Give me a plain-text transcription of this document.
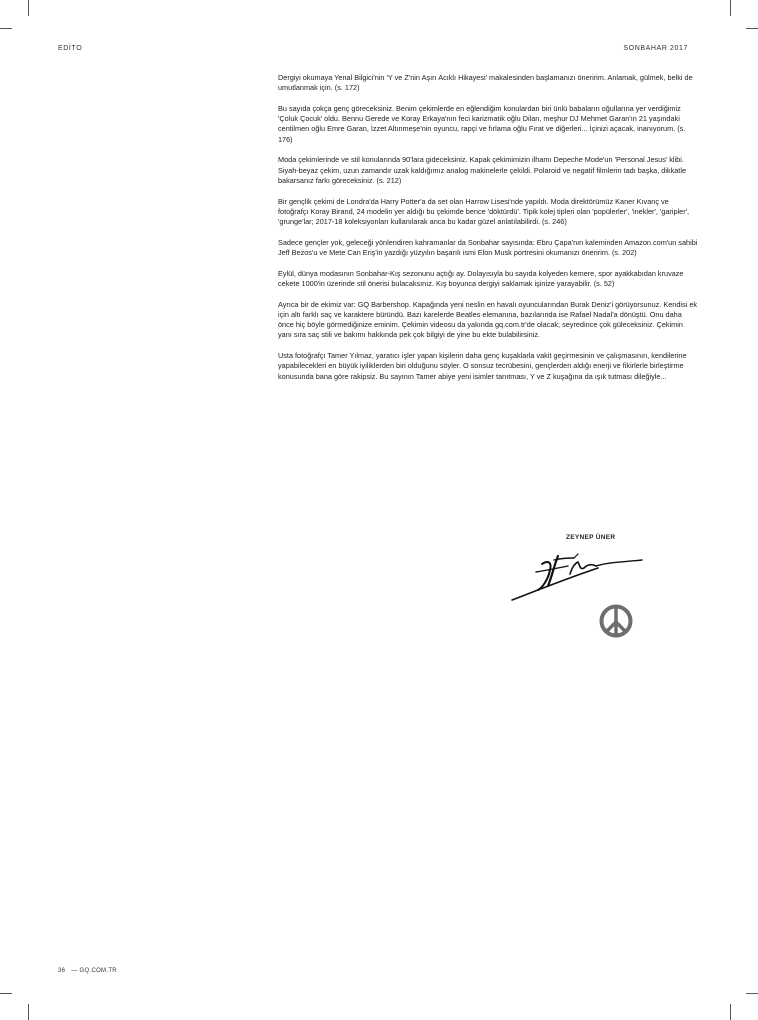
EDİTO	SONBAHAR 2017

Dergiyi okumaya Yenal Bilgici'nin 'Y ve Z'nin Aşırı Acıklı Hikayesi' makalesinden başlamanızı öneririm. Anlamak, gülmek, belki de umutlanmak için. (s. 172)

Bu sayıda çokça genç göreceksiniz. Benim çekimlerde en eğlendiğim konulardan biri ünlü babaların oğullarına yer verdiğimiz 'Çoluk Çocuk' oldu. Bennu Gerede ve Koray Erkaya'nın feci karizmatik oğlu Dilan, meşhur DJ Mehmet Garan'ın 21 yaşındaki centilmen oğlu Emre Garan, İzzet Altınmeşe'nin oyuncu, rapçi ve fırlama oğlu Fırat ve diğerleri... İçinizi açacak, inanıyorum. (s. 176)

Moda çekimlerinde ve stil konularında 90'lara gideceksiniz. Kapak çekimimizin ilhamı Depeche Mode'un 'Personal Jesus' klibi. Siyah-beyaz çekim, uzun zamandır uzak kaldığımız analog makinelerle çekildi. Polaroid ve negatif filmlerin tadı başka, dikkatle bakarsanız farkı göreceksiniz. (s. 212)

Bir gençlik çekimi de Londra'da Harry Potter'a da set olan Harrow Lisesi'nde yapıldı. Moda direktörümüz Kaner Kıvanç ve fotoğrafçı Koray Birand, 24 modelin yer aldığı bu çekimde bence 'döktürdü'. Tipik kolej tipleri olan 'popülerler', 'inekler', 'garipler', 'grunge'lar; 2017-18 koleksiyonları kullanılarak anca bu kadar güzel anlatılabilirdi. (s. 246)

Sadece gençler yok, geleceği yönlendiren kahramanlar da Sonbahar sayısında: Ebru Çapa'nın kaleminden Amazon.com'un sahibi Jeff Bezos'u ve Mete Can Eriş'in yazdığı yüzyılın başarılı ismi Elon Musk portresini okumanızı öneririm. (s. 202)

Eylül, dünya modasının Sonbahar-Kış sezonunu açtığı ay. Dolayısıyla bu sayıda kolyeden kemere, spor ayakkabıdan kruvaze cekete 1000'in üzerinde stil önerisi bulacaksınız. Kış boyunca dergiyi saklamak işinize yarayabilir. (s. 52)

Ayrıca bir de ekimiz var: GQ Barbershop. Kapağında yeni neslin en havalı oyuncularından Burak Deniz'i görüyorsunuz. Kendisi ek için altı farklı saç ve karaktere büründü. Bazı karelerde Beatles elemanına, bazılarında ise Rafael Nadal'a dönüştü. Onu daha önce hiç böyle görmediğinize eminim. Çekimin videosu da yakında gq.com.tr'de olacak; seyredince çok güleceksiniz. Çekimin yanı sıra saç stili ve bakımı hakkında pek çok bilgiyi de yine bu ekte bulabilirsiniz.

Usta fotoğrafçı Tamer Yılmaz, yaratıcı işler yapan kişilerin daha genç kuşaklarla vakit geçirmesinin ve çalışmasının, kendilerine yapabilecekleri en büyük iyiliklerden biri olduğunu söyler. O sonsuz tecrübesini, gençlerden aldığı enerji ve fikirlerle birleştirme konusunda bana göre rakipsiz. Bu sayının Tamer abiye yeni isimler tanıtması, Y ve Z kuşağına da ışık tutması dileğiyle...

ZEYNEP ÜNER
36 — GQ.COM.TR
